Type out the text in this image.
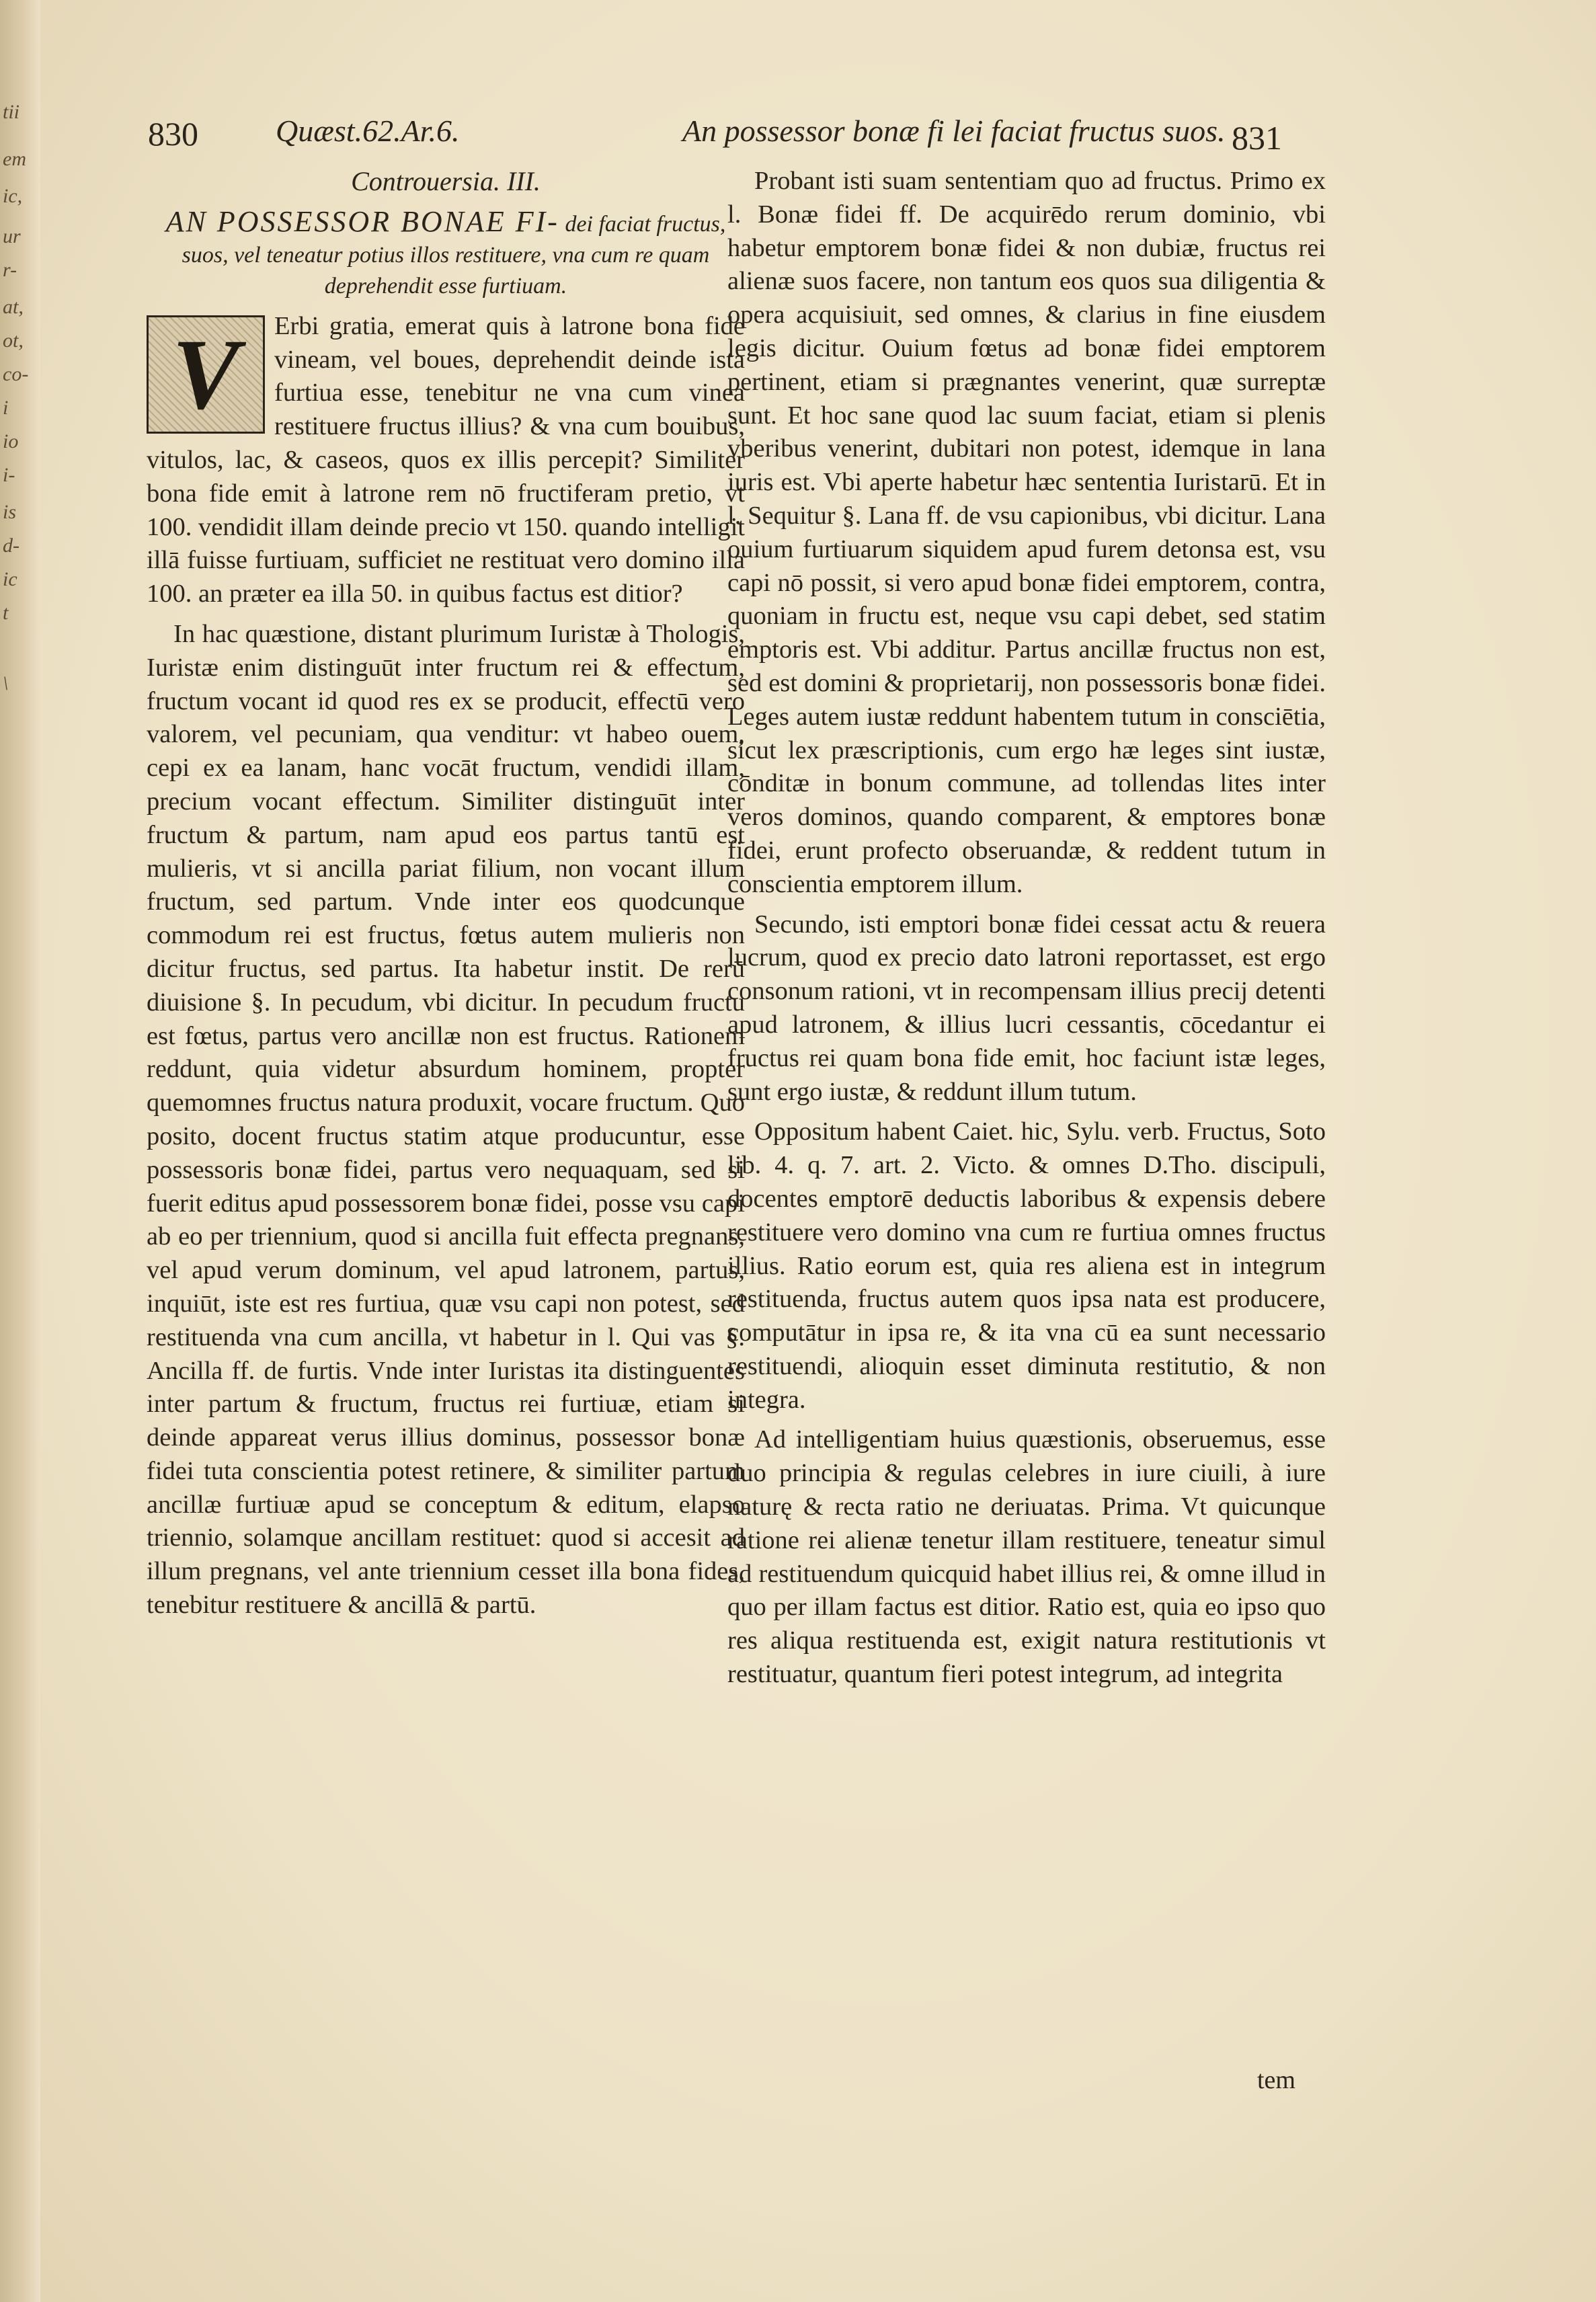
tii
em
ic,
ur
r-
at,
ot,
co-
i
io
i-
is
d-
ic
t
\
830	Quæst.62.Ar.6.	An possessor bonæ fi lei faciat fructus suos. 831
Controuersia. III.
AN POSSESSOR BONAE FI- dei faciat fructus, suos, vel teneatur potius illos restituere, vna cum re quam deprehendit esse furtiuam.
V	Erbi gratia, emerat quis à latrone bona fide vineam, vel boues, deprehendit deinde ista furtiua esse, tenebitur ne vna cum vinea restituere fructus illius? & vna cum bouibus, vitulos, lac, & caseos, quos ex illis percepit? Similiter bona fide emit à latrone rem nō fructiferam pretio, vt 100. vendidit illam deinde precio vt 150. quando intelligit illā fuisse furtiuam, sufficiet ne restituat vero domino illa 100. an præter ea illa 50. in quibus factus est ditior?

In hac quæstione, distant plurimum Iuristæ à Thologis, Iuristæ enim distinguūt inter fructum rei & effectum, fructum vocant id quod res ex se producit, effectū vero valorem, vel pecuniam, qua venditur: vt habeo ouem, cepi ex ea lanam, hanc vocāt fructum, vendidi illam, precium vocant effectum. Similiter distinguūt inter fructum & partum, nam apud eos partus tantū est mulieris, vt si ancilla pariat filium, non vocant illum fructum, sed partum. Vnde inter eos quodcunque commodum rei est fructus, fœtus autem mulieris non dicitur fructus, sed partus. Ita habetur instit. De rerū diuisione §. In pecudum, vbi dicitur. In pecudum fructu est fœtus, partus vero ancillæ non est fructus. Rationem reddunt, quia videtur absurdum hominem, propter quemomnes fructus natura produxit, vocare fructum. Quo posito, docent fructus statim atque producuntur, esse possessoris bonæ fidei, partus vero nequaquam, sed si fuerit editus apud possessorem bonæ fidei, posse vsu capi ab eo per triennium, quod si ancilla fuit effecta pregnans, vel apud verum dominum, vel apud latronem, partus, inquiūt, iste est res furtiua, quæ vsu capi non potest, sed restituenda vna cum ancilla, vt habetur in l. Qui vas §. Ancilla ff. de furtis. Vnde inter Iuristas ita distinguentes inter partum & fructum, fructus rei furtiuæ, etiam si deinde appareat verus illius dominus, possessor bonæ fidei tuta conscientia potest retinere, & similiter partum ancillæ furtiuæ apud se conceptum & editum, elapso triennio, solamque ancillam restituet: quod si accesit ad illum pregnans, vel ante triennium cesset illa bona fides, tenebitur restituere & ancillā & partū.

Probant isti suam sententiam quo ad fructus. Primo ex l. Bonæ fidei ff. De acquirēdo rerum dominio, vbi habetur emptorem bonæ fidei & non dubiæ, fructus rei alienæ suos facere, non tantum eos quos sua diligentia & opera acquisiuit, sed omnes, & clarius in fine eiusdem legis dicitur. Ouium fœtus ad bonæ fidei emptorem pertinent, etiam si prægnantes venerint, quæ surreptæ sunt. Et hoc sane quod lac suum faciat, etiam si plenis vberibus venerint, dubitari non potest, idemque in lana iuris est. Vbi aperte habetur hæc sententia Iuristarū. Et in l. Sequitur §. Lana ff. de vsu capionibus, vbi dicitur. Lana ouium furtiuarum siquidem apud furem detonsa est, vsu capi nō possit, si vero apud bonæ fidei emptorem, contra, quoniam in fructu est, neque vsu capi debet, sed statim emptoris est. Vbi additur. Partus ancillæ fructus non est, sed est domini & proprietarij, non possessoris bonæ fidei. Leges autem iustæ reddunt habentem tutum in consciētia, sicut lex præscriptionis, cum ergo hæ leges sint iustæ, cōnditæ in bonum commune, ad tollendas lites inter veros dominos, quando comparent, & emptores bonæ fidei, erunt profecto obseruandæ, & reddent tutum in conscientia emptorem illum.

Secundo, isti emptori bonæ fidei cessat actu & reuera lucrum, quod ex precio dato latroni reportasset, est ergo consonum rationi, vt in recompensam illius precij detenti apud latronem, & illius lucri cessantis, cōcedantur ei fructus rei quam bona fide emit, hoc faciunt istæ leges, sunt ergo iustæ, & reddunt illum tutum.

Oppositum habent Caiet. hic, Sylu. verb. Fructus, Soto lib. 4. q. 7. art. 2. Victo. & omnes D.Tho. discipuli, docentes emptorē deductis laboribus & expensis debere restituere vero domino vna cum re furtiua omnes fructus illius. Ratio eorum est, quia res aliena est in integrum restituenda, fructus autem quos ipsa nata est producere, computātur in ipsa re, & ita vna cū ea sunt necessario restituendi, alioquin esset diminuta restitutio, & non integra.

Ad intelligentiam huius quæstionis, obseruemus, esse duo principia & regulas celebres in iure ciuili, à iure naturę & recta ratio ne deriuatas. Prima. Vt quicunque ratione rei alienæ tenetur illam restituere, teneatur simul ad restituendum quicquid habet illius rei, & omne illud in quo per illam factus est ditior. Ratio est, quia eo ipso quo res aliqua restituenda est, exigit natura restitutionis vt restituatur, quantum fieri potest integrum, ad integrita

tem
